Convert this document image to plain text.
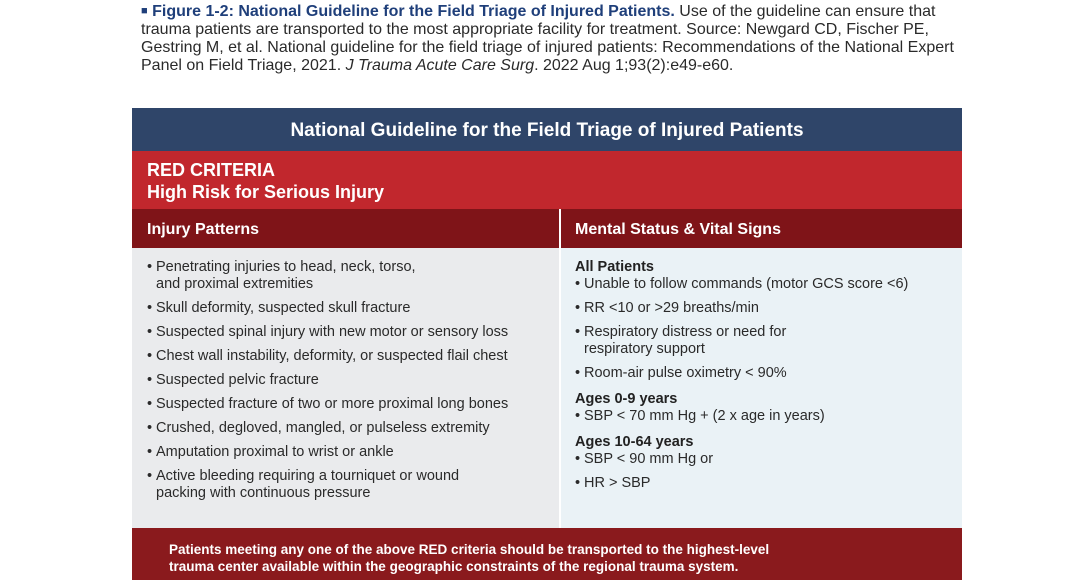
■ Figure 1-2: National Guideline for the Field Triage of Injured Patients. Use of the guideline can ensure that trauma patients are transported to the most appropriate facility for treatment. Source: Newgard CD, Fischer PE, Gestring M, et al. National guideline for the field triage of injured patients: Recommendations of the National Expert Panel on Field Triage, 2021. J Trauma Acute Care Surg. 2022 Aug 1;93(2):e49-e60.
National Guideline for the Field Triage of Injured Patients
RED CRITERIA
High Risk for Serious Injury
Injury Patterns	Mental Status & Vital Signs
• Penetrating injuries to head, neck, torso,
and proximal extremities
• Skull deformity, suspected skull fracture
• Suspected spinal injury with new motor or sensory loss
• Chest wall instability, deformity, or suspected flail chest
• Suspected pelvic fracture
• Suspected fracture of two or more proximal long bones
• Crushed, degloved, mangled, or pulseless extremity
• Amputation proximal to wrist or ankle
• Active bleeding requiring a tourniquet or wound
packing with continuous pressure
All Patients
• Unable to follow commands (motor GCS score <6)
• RR <10 or >29 breaths/min
• Respiratory distress or need for
respiratory support
• Room-air pulse oximetry < 90%
Ages 0-9 years
• SBP < 70 mm Hg + (2 x age in years)
Ages 10-64 years
• SBP < 90 mm Hg or
• HR > SBP
Patients meeting any one of the above RED criteria should be transported to the highest-level
trauma center available within the geographic constraints of the regional trauma system.
